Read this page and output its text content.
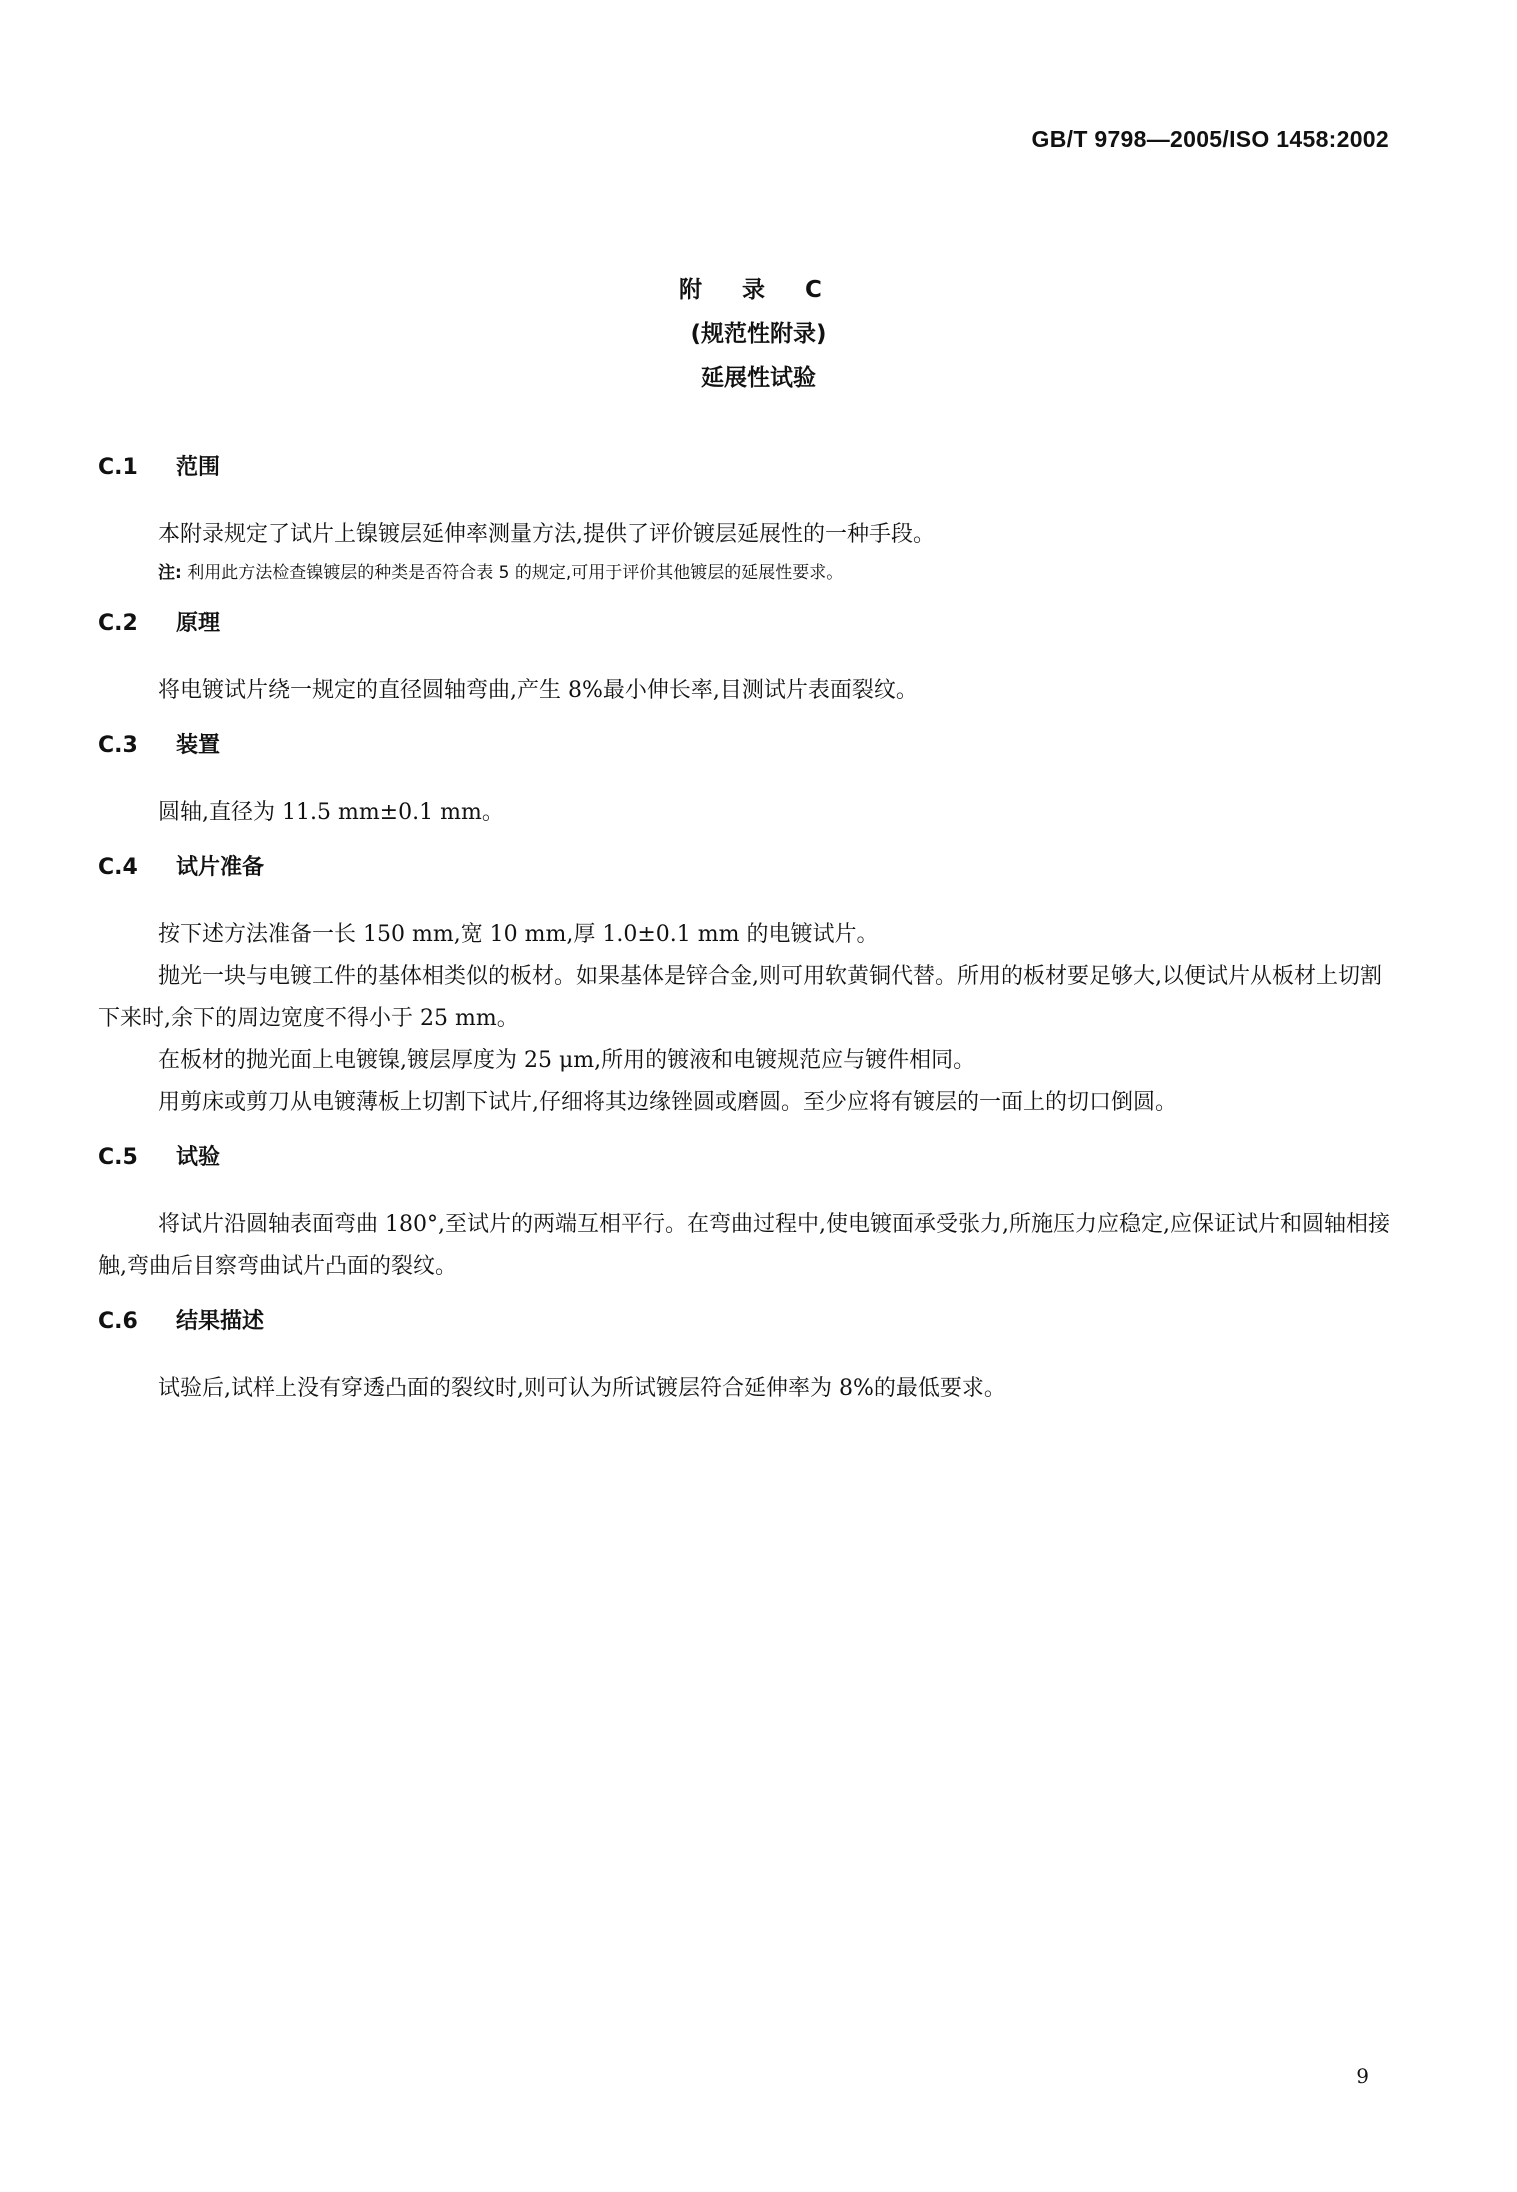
GB/T 9798—2005/ISO 1458:2002
附 录 C
(规范性附录)
延展性试验
C.1 范围

本附录规定了试片上镍镀层延伸率测量方法,提供了评价镀层延展性的一种手段。

注: 利用此方法检查镍镀层的种类是否符合表 5 的规定,可用于评价其他镀层的延展性要求。

C.2 原理

将电镀试片绕一规定的直径圆轴弯曲,产生 8%最小伸长率,目测试片表面裂纹。

C.3 装置

圆轴,直径为 11.5 mm±0.1 mm。

C.4 试片准备

按下述方法准备一长 150 mm,宽 10 mm,厚 1.0±0.1 mm 的电镀试片。

抛光一块与电镀工件的基体相类似的板材。如果基体是锌合金,则可用软黄铜代替。所用的板材要足够大,以便试片从板材上切割下来时,余下的周边宽度不得小于 25 mm。

在板材的抛光面上电镀镍,镀层厚度为 25 μm,所用的镀液和电镀规范应与镀件相同。

用剪床或剪刀从电镀薄板上切割下试片,仔细将其边缘锉圆或磨圆。至少应将有镀层的一面上的切口倒圆。

C.5 试验

将试片沿圆轴表面弯曲 180°,至试片的两端互相平行。在弯曲过程中,使电镀面承受张力,所施压力应稳定,应保证试片和圆轴相接触,弯曲后目察弯曲试片凸面的裂纹。

C.6 结果描述

试验后,试样上没有穿透凸面的裂纹时,则可认为所试镀层符合延伸率为 8%的最低要求。

9
